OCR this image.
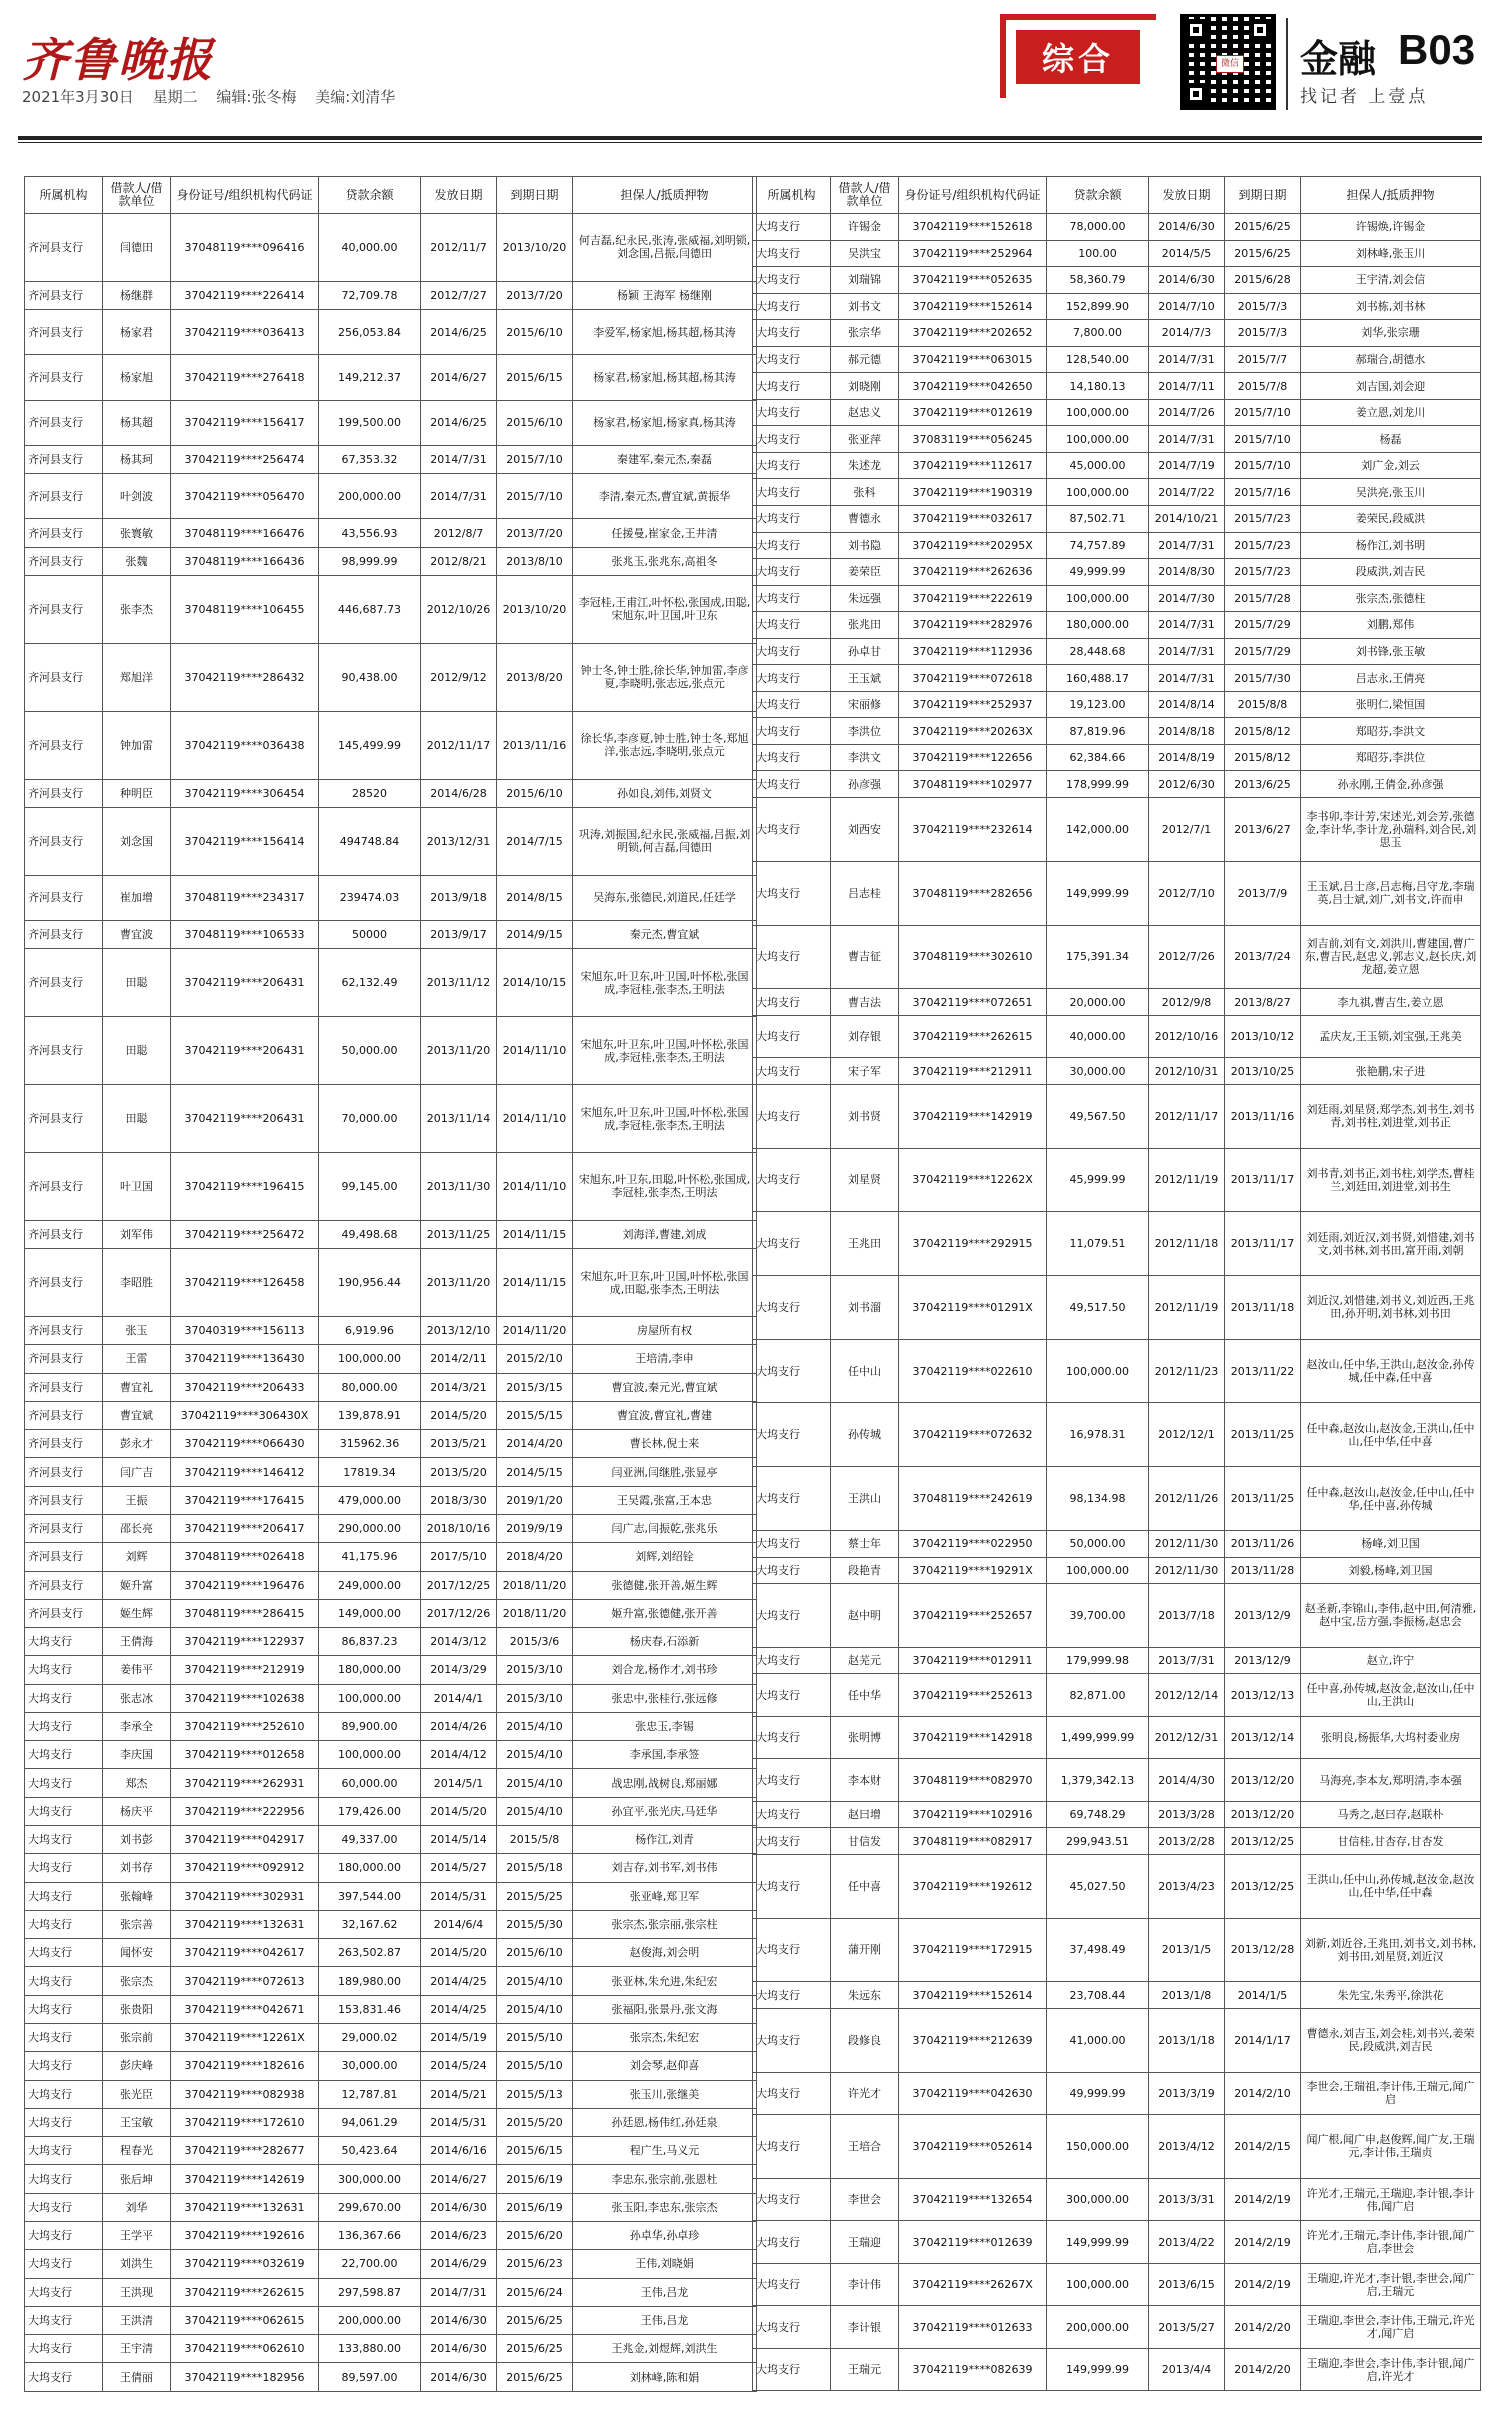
齐鲁晚报
2021年3月30日 星期二 编辑:张冬梅 美编:刘清华
综合	微信 金融 B03
找记者 上壹点
所属机构	借款人/借款单位	身份证号/组织机构代码证	贷款余额	发放日期	到期日期	担保人/抵质押物
齐河县支行	闫德田	37048119****096416	40,000.00	2012/11/7	2013/10/20	何吉磊,纪永民,张涛,张威福,刘明锁,刘念国,吕振,闫德田
齐河县支行	杨继群	37042119****226414	72,709.78	2012/7/27	2013/7/20	杨颖 王海军 杨继刚
齐河县支行	杨家君	37042119****036413	256,053.84	2014/6/25	2015/6/10	李爱军,杨家旭,杨其超,杨其涛
齐河县支行	杨家旭	37042119****276418	149,212.37	2014/6/27	2015/6/15	杨家君,杨家旭,杨其超,杨其涛
齐河县支行	杨其超	37042119****156417	199,500.00	2014/6/25	2015/6/10	杨家君,杨家旭,杨家真,杨其涛
齐河县支行	杨其珂	37042119****256474	67,353.32	2014/7/31	2015/7/10	秦建军,秦元杰,秦磊
齐河县支行	叶剑波	37042119****056470	200,000.00	2014/7/31	2015/7/10	李清,秦元杰,曹宜斌,黄振华
齐河县支行	张寰敏	37048119****166476	43,556.93	2012/8/7	2013/7/20	任援曼,崔家金,王井清
齐河县支行	张魏	37048119****166436	98,999.99	2012/8/21	2013/8/10	张兆玉,张兆东,高祖冬
齐河县支行	张李杰	37048119****106455	446,687.73	2012/10/26	2013/10/20	李冠桂,王甫江,叶怀松,张国成,田聪,宋旭东,叶卫国,叶卫东
齐河县支行	郑旭洋	37042119****286432	90,438.00	2012/9/12	2013/8/20	钟士冬,钟士胜,徐长华,钟加雷,李彦夏,李晓明,张志远,张点元
齐河县支行	钟加雷	37042119****036438	145,499.99	2012/11/17	2013/11/16	徐长华,李彦夏,钟士胜,钟士冬,郑旭洋,张志远,李晓明,张点元
齐河县支行	种明臣	37042119****306454	28520	2014/6/28	2015/6/10	孙如良,刘伟,刘贤文
齐河县支行	刘念国	37042119****156414	494748.84	2013/12/31	2014/7/15	巩涛,刘振国,纪永民,张威福,吕振,刘明锁,何吉磊,闫德田
齐河县支行	崔加增	37048119****234317	239474.03	2013/9/18	2014/8/15	吴海东,张德民,刘道民,任廷学
齐河县支行	曹宜波	37048119****106533	50000	2013/9/17	2014/9/15	秦元杰,曹宜斌
齐河县支行	田聪	37042119****206431	62,132.49	2013/11/12	2014/10/15	宋旭东,叶卫东,叶卫国,叶怀松,张国成,李冠桂,张李杰,王明法
齐河县支行	田聪	37042119****206431	50,000.00	2013/11/20	2014/11/10	宋旭东,叶卫东,叶卫国,叶怀松,张国成,李冠桂,张李杰,王明法
齐河县支行	田聪	37042119****206431	70,000.00	2013/11/14	2014/11/10	宋旭东,叶卫东,叶卫国,叶怀松,张国成,李冠桂,张李杰,王明法
齐河县支行	叶卫国	37042119****196415	99,145.00	2013/11/30	2014/11/10	宋旭东,叶卫东,田聪,叶怀松,张国成,李冠桂,张李杰,王明法
齐河县支行	刘军伟	37042119****256472	49,498.68	2013/11/25	2014/11/15	刘海洋,曹建,刘成
齐河县支行	李昭胜	37042119****126458	190,956.44	2013/11/20	2014/11/15	宋旭东,叶卫东,叶卫国,叶怀松,张国成,田聪,张李杰,王明法
齐河县支行	张玉	37040319****156113	6,919.96	2013/12/10	2014/11/20	房屋所有权
齐河县支行	王雷	37042119****136430	100,000.00	2014/2/11	2015/2/10	王培清,李申
齐河县支行	曹宜礼	37042119****206433	80,000.00	2014/3/21	2015/3/15	曹宜波,秦元光,曹宜斌
齐河县支行	曹宜斌	37042119****306430X	139,878.91	2014/5/20	2015/5/15	曹宜波,曹宜礼,曹建
齐河县支行	彭永才	37042119****066430	315962.36	2013/5/21	2014/4/20	曹长林,倪士来
齐河县支行	闫广吉	37042119****146412	17819.34	2013/5/20	2014/5/15	闫亚洲,闫继胜,张显亭
齐河县支行	王振	37042119****176415	479,000.00	2018/3/30	2019/1/20	王吴霞,张富,王本忠
齐河县支行	邵长亮	37042119****206417	290,000.00	2018/10/16	2019/9/19	闫广志,闫振乾,张兆乐
齐河县支行	刘辉	37048119****026418	41,175.96	2017/5/10	2018/4/20	刘辉,刘绍铨
齐河县支行	姬升富	37042119****196476	249,000.00	2017/12/25	2018/11/20	张德健,张开善,姬生辉
齐河县支行	姬生辉	37048119****286415	149,000.00	2017/12/26	2018/11/20	姬升富,张德健,张开善
大坞支行	王倩海	37042119****122937	86,837.23	2014/3/12	2015/3/6	杨庆春,石添新
大坞支行	姜伟平	37042119****212919	180,000.00	2014/3/29	2015/3/10	刘合龙,杨作才,刘书珍
大坞支行	张志冰	37042119****102638	100,000.00	2014/4/1	2015/3/10	张忠中,张桂行,张远修
大坞支行	李承全	37042119****252610	89,900.00	2014/4/26	2015/4/10	张忠玉,李锡
大坞支行	李庆国	37042119****012658	100,000.00	2014/4/12	2015/4/10	李承国,李承签
大坞支行	郑杰	37042119****262931	60,000.00	2014/5/1	2015/4/10	战忠刚,战树良,郑丽娜
大坞支行	杨庆平	37042119****222956	179,426.00	2014/5/20	2015/4/10	孙宜平,张光庆,马廷华
大坞支行	刘书彭	37042119****042917	49,337.00	2014/5/14	2015/5/8	杨作江,刘青
大坞支行	刘书存	37042119****092912	180,000.00	2014/5/27	2015/5/18	刘吉存,刘书军,刘书伟
大坞支行	张翰峰	37042119****302931	397,544.00	2014/5/31	2015/5/25	张亚峰,郑卫军
大坞支行	张宗善	37042119****132631	32,167.62	2014/6/4	2015/5/30	张宗杰,张宗丽,张宗柱
大坞支行	闻怀安	37042119****042617	263,502.87	2014/5/20	2015/6/10	赵俊海,刘会明
大坞支行	张宗杰	37042119****072613	189,980.00	2014/4/25	2015/4/10	张亚林,朱允进,朱纪宏
大坞支行	张贵阳	37042119****042671	153,831.46	2014/4/25	2015/4/10	张福阳,张景丹,张文海
大坞支行	张宗前	37042119****12261X	29,000.02	2014/5/19	2015/5/10	张宗杰,朱纪宏
大坞支行	彭庆峰	37042119****182616	30,000.00	2014/5/24	2015/5/10	刘会琴,赵仰喜
大坞支行	张光臣	37042119****082938	12,787.81	2014/5/21	2015/5/13	张玉川,张继美
大坞支行	王宝敏	37042119****172610	94,061.29	2014/5/31	2015/5/20	孙廷恩,杨伟红,孙廷泉
大坞支行	程春光	37042119****282677	50,423.64	2014/6/16	2015/6/15	程广生,马义元
大坞支行	张后坤	37042119****142619	300,000.00	2014/6/27	2015/6/19	李忠东,张宗前,张恩杜
大坞支行	刘华	37042119****132631	299,670.00	2014/6/30	2015/6/19	张玉阳,李忠东,张宗杰
大坞支行	王学平	37042119****192616	136,367.66	2014/6/23	2015/6/20	孙卓华,孙卓珍
大坞支行	刘洪生	37042119****032619	22,700.00	2014/6/29	2015/6/23	王伟,刘晓娟
大坞支行	王洪现	37042119****262615	297,598.87	2014/7/31	2015/6/24	王伟,吕龙
大坞支行	王洪清	37042119****062615	200,000.00	2014/6/30	2015/6/25	王伟,吕龙
大坞支行	王宇清	37042119****062610	133,880.00	2014/6/30	2015/6/25	王兆金,刘煜辉,刘洪生
大坞支行	王倩丽	37042119****182956	89,597.00	2014/6/30	2015/6/25	刘林峰,陈和娟
所属机构	借款人/借款单位	身份证号/组织机构代码证	贷款余额	发放日期	到期日期	担保人/抵质押物
大坞支行	许锡金	37042119****152618	78,000.00	2014/6/30	2015/6/25	许锡焕,许锡金
大坞支行	吴洪宝	37042119****252964	100.00	2014/5/5	2015/6/25	刘林峰,张玉川
大坞支行	刘瑞锦	37042119****052635	58,360.79	2014/6/30	2015/6/28	王宇清,刘会信
大坞支行	刘书文	37042119****152614	152,899.90	2014/7/10	2015/7/3	刘书栋,刘书林
大坞支行	张宗华	37042119****202652	7,800.00	2014/7/3	2015/7/3	刘华,张宗珊
大坞支行	郝元德	37042119****063015	128,540.00	2014/7/31	2015/7/7	郝瑞合,胡德水
大坞支行	刘晓刚	37042119****042650	14,180.13	2014/7/11	2015/7/8	刘吉国,刘会迎
大坞支行	赵忠义	37042119****012619	100,000.00	2014/7/26	2015/7/10	姜立恩,刘龙川
大坞支行	张亚萍	37083119****056245	100,000.00	2014/7/31	2015/7/10	杨磊
大坞支行	朱述龙	37042119****112617	45,000.00	2014/7/19	2015/7/10	刘广金,刘云
大坞支行	张科	37042119****190319	100,000.00	2014/7/22	2015/7/16	吴洪亮,张玉川
大坞支行	曹德永	37042119****032617	87,502.71	2014/10/21	2015/7/23	姜荣民,段威洪
大坞支行	刘书隐	37042119****20295X	74,757.89	2014/7/31	2015/7/23	杨作江,刘书明
大坞支行	姜荣臣	37042119****262636	49,999.99	2014/8/30	2015/7/23	段威洪,刘吉民
大坞支行	朱远强	37042119****222619	100,000.00	2014/7/30	2015/7/28	张宗杰,张德柱
大坞支行	张兆田	37042119****282976	180,000.00	2014/7/31	2015/7/29	刘鹏,郑伟
大坞支行	孙卓甘	37042119****112936	28,448.68	2014/7/31	2015/7/29	刘书锋,张玉敏
大坞支行	王玉斌	37042119****072618	160,488.17	2014/7/31	2015/7/30	吕志永,王倩亮
大坞支行	宋丽修	37042119****252937	19,123.00	2014/8/14	2015/8/8	张明仁,梁恒国
大坞支行	李洪位	37042119****20263X	87,819.96	2014/8/18	2015/8/12	郑昭芬,李洪文
大坞支行	李洪文	37042119****122656	62,384.66	2014/8/19	2015/8/12	郑昭芬,李洪位
大坞支行	孙彦强	37048119****102977	178,999.99	2012/6/30	2013/6/25	孙永刚,王倩金,孙彦强
大坞支行	刘西安	37042119****232614	142,000.00	2012/7/1	2013/6/27	李书卯,李计芳,宋述光,刘会芳,张德金,李计华,李计龙,孙瑞科,刘合民,刘思玉
大坞支行	吕志桂	37048119****282656	149,999.99	2012/7/10	2013/7/9	王玉斌,吕士彦,吕志梅,吕守龙,李瑞英,吕士斌,刘广,刘书文,许而申
大坞支行	曹吉征	37048119****302610	175,391.34	2012/7/26	2013/7/24	刘吉前,刘有文,刘洪川,曹建国,曹广东,曹吉民,赵忠义,郭志义,赵长庆,刘龙超,姜立恩
大坞支行	曹吉法	37042119****072651	20,000.00	2012/9/8	2013/8/27	李九祺,曹吉生,姜立恩
大坞支行	刘存银	37042119****262615	40,000.00	2012/10/16	2013/10/12	孟庆友,王玉锁,刘宝强,王兆美
大坞支行	宋子军	37042119****212911	30,000.00	2012/10/31	2013/10/25	张艳鹏,宋子进
大坞支行	刘书贤	37042119****142919	49,567.50	2012/11/17	2013/11/16	刘廷雨,刘星贤,郑学杰,刘书生,刘书青,刘书柱,刘进堂,刘书正
大坞支行	刘星贤	37042119****12262X	45,999.99	2012/11/19	2013/11/17	刘书青,刘书正,刘书柱,刘学杰,曹桂兰,刘廷田,刘进堂,刘书生
大坞支行	王兆田	37042119****292915	11,079.51	2012/11/18	2013/11/17	刘廷雨,刘近汉,刘书贤,刘惜建,刘书文,刘书林,刘书田,富开雨,刘朝
大坞支行	刘书溜	37042119****01291X	49,517.50	2012/11/19	2013/11/18	刘近汉,刘惜建,刘书义,刘近西,王兆田,孙开明,刘书林,刘书田
大坞支行	任中山	37042119****022610	100,000.00	2012/11/23	2013/11/22	赵汝山,任中华,王洪山,赵汝金,孙传城,任中森,任中喜
大坞支行	孙传城	37042119****072632	16,978.31	2012/12/1	2013/11/25	任中森,赵汝山,赵汝金,王洪山,任中山,任中华,任中喜
大坞支行	王洪山	37048119****242619	98,134.98	2012/11/26	2013/11/25	任中森,赵汝山,赵汝金,任中山,任中华,任中喜,孙传城
大坞支行	蔡士年	37042119****022950	50,000.00	2012/11/30	2013/11/26	杨峰,刘卫国
大坞支行	段艳青	37042119****19291X	100,000.00	2012/11/30	2013/11/28	刘毅,杨峰,刘卫国
大坞支行	赵中明	37042119****252657	39,700.00	2013/7/18	2013/12/9	赵圣新,李锦山,李伟,赵中田,何清雅,赵中宝,岳方强,李振杨,赵忠会
大坞支行	赵芜元	37042119****012911	179,999.98	2013/7/31	2013/12/9	赵立,许宁
大坞支行	任中华	37042119****252613	82,871.00	2012/12/14	2013/12/13	任中喜,孙传城,赵汝金,赵汝山,任中山,王洪山
大坞支行	张明博	37042119****142918	1,499,999.99	2012/12/31	2013/12/14	张明良,杨振华,大坞村委业房
大坞支行	李本财	37048119****082970	1,379,342.13	2014/4/30	2013/12/20	马海亮,李本友,郑明清,李本强
大坞支行	赵曰增	37042119****102916	69,748.29	2013/3/28	2013/12/20	马秀之,赵曰存,赵联朴
大坞支行	甘信发	37048119****082917	299,943.51	2013/2/28	2013/12/25	甘信桂,甘杏存,甘杏发
大坞支行	任中喜	37042119****192612	45,027.50	2013/4/23	2013/12/25	王洪山,任中山,孙传城,赵汝金,赵汝山,任中华,任中森
大坞支行	蒲开刚	37042119****172915	37,498.49	2013/1/5	2013/12/28	刘新,刘近谷,王兆田,刘书文,刘书林,刘书田,刘星贤,刘近汉
大坞支行	朱远东	37042119****152614	23,708.44	2013/1/8	2014/1/5	朱先宝,朱秀平,徐洪花
大坞支行	段修良	37042119****212639	41,000.00	2013/1/18	2014/1/17	曹德永,刘吉玉,刘会桂,刘书兴,姜荣民,段威洪,刘吉民
大坞支行	许光才	37042119****042630	49,999.99	2013/3/19	2014/2/10	李世会,王瑞祖,李计伟,王瑞元,闻广启
大坞支行	王培合	37042119****052614	150,000.00	2013/4/12	2014/2/15	闻广根,闻广申,赵俊辉,闻广友,王瑞元,李计伟,王瑞贞
大坞支行	李世会	37042119****132654	300,000.00	2013/3/31	2014/2/19	许光才,王瑞元,王瑞迎,李计银,李计伟,闻广启
大坞支行	王瑞迎	37042119****012639	149,999.99	2013/4/22	2014/2/19	许光才,王瑞元,李计伟,李计银,闻广启,李世会
大坞支行	李计伟	37042119****26267X	100,000.00	2013/6/15	2014/2/19	王瑞迎,许光才,李计银,李世会,闻广启,王瑞元
大坞支行	李计银	37042119****012633	200,000.00	2013/5/27	2014/2/20	王瑞迎,李世会,李计伟,王瑞元,许光才,闻广启
大坞支行	王瑞元	37042119****082639	149,999.99	2013/4/4	2014/2/20	王瑞迎,李世会,李计伟,李计银,闻广启,许光才
